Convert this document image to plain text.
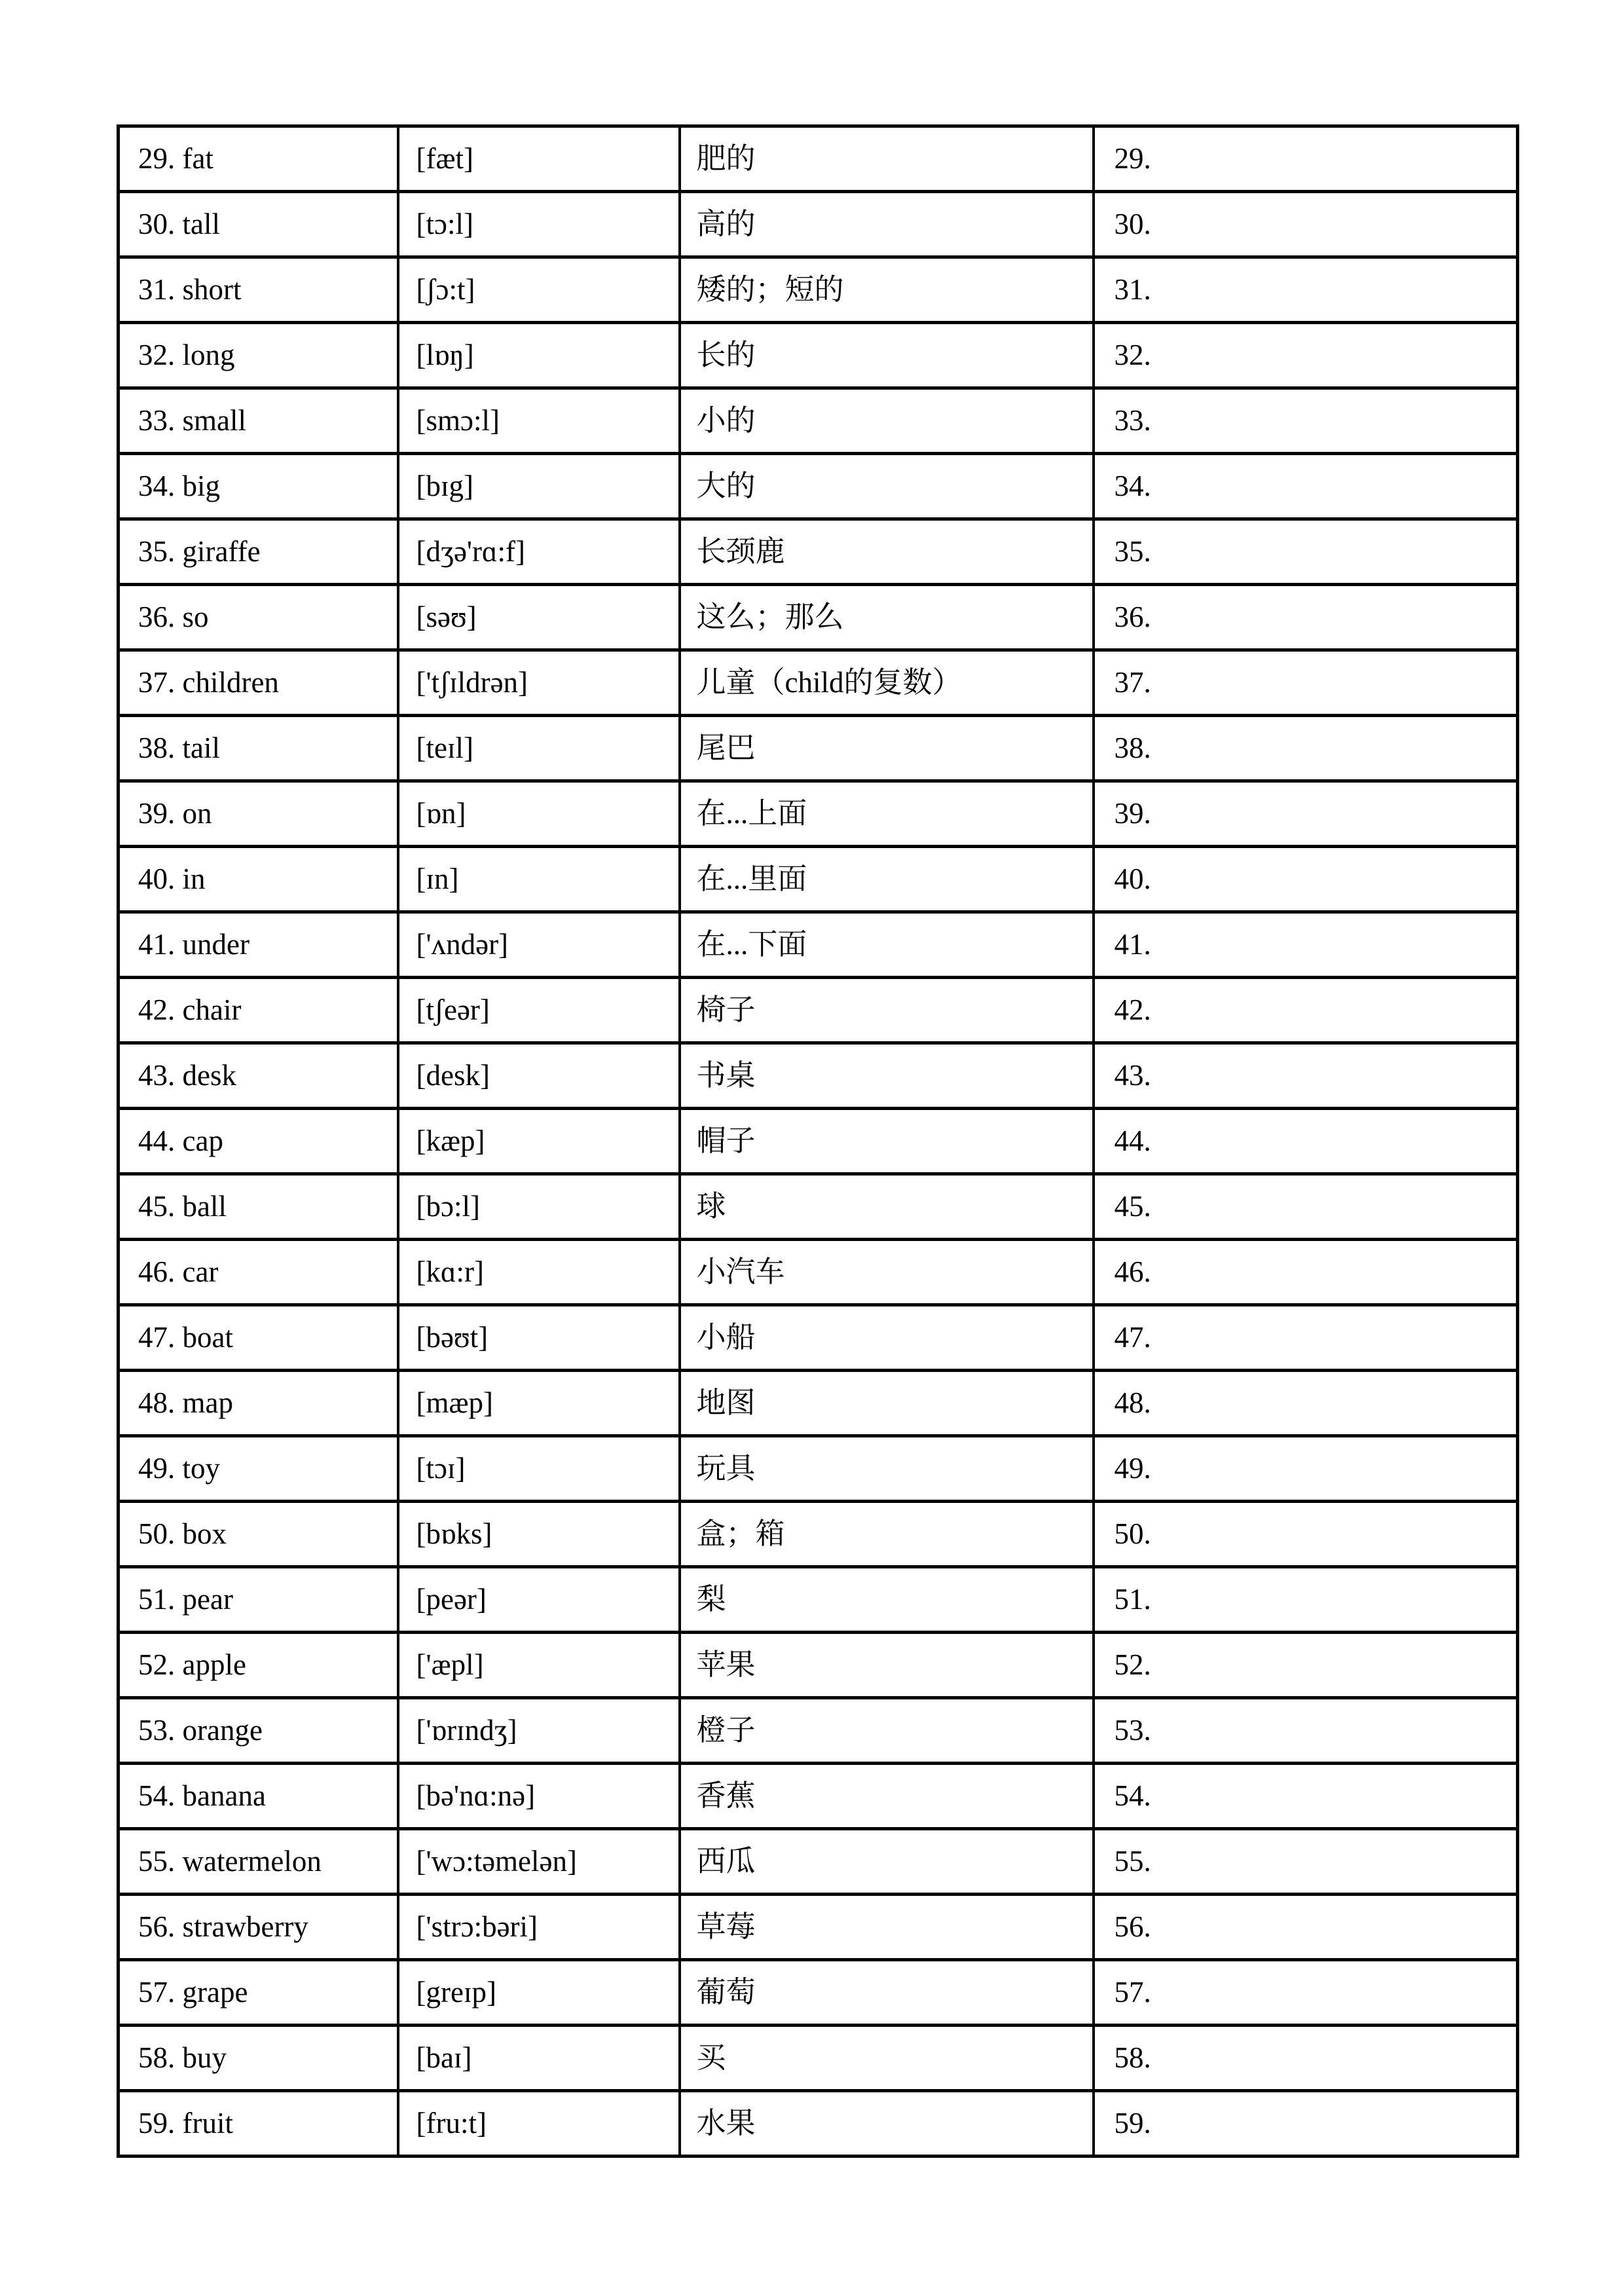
29. fat	[fæt]	肥的	29.
30. tall	[tɔ:l]	高的	30.
31. short	[ʃɔ:t]	矮的；短的	31.
32. long	[lɒŋ]	长的	32.
33. small	[smɔ:l]	小的	33.
34. big	[bɪg]	大的	34.
35. giraffe	[dʒə'rɑ:f]	长颈鹿	35.
36. so	[səʊ]	这么；那么	36.
37. children	['tʃɪldrən]	儿童（child的复数）	37.
38. tail	[teɪl]	尾巴	38.
39. on	[ɒn]	在...上面	39.
40. in	[ɪn]	在...里面	40.
41. under	['ʌndər]	在...下面	41.
42. chair	[tʃeər]	椅子	42.
43. desk	[desk]	书桌	43.
44. cap	[kæp]	帽子	44.
45. ball	[bɔ:l]	球	45.
46. car	[kɑ:r]	小汽车	46.
47. boat	[bəʊt]	小船	47.
48. map	[mæp]	地图	48.
49. toy	[tɔɪ]	玩具	49.
50. box	[bɒks]	盒；箱	50.
51. pear	[peər]	梨	51.
52. apple	['æpl]	苹果	52.
53. orange	['ɒrɪndʒ]	橙子	53.
54. banana	[bə'nɑ:nə]	香蕉	54.
55. watermelon	['wɔ:təmelən]	西瓜	55.
56. strawberry	['strɔ:bəri]	草莓	56.
57. grape	[greɪp]	葡萄	57.
58. buy	[baɪ]	买	58.
59. fruit	[fru:t]	水果	59.
